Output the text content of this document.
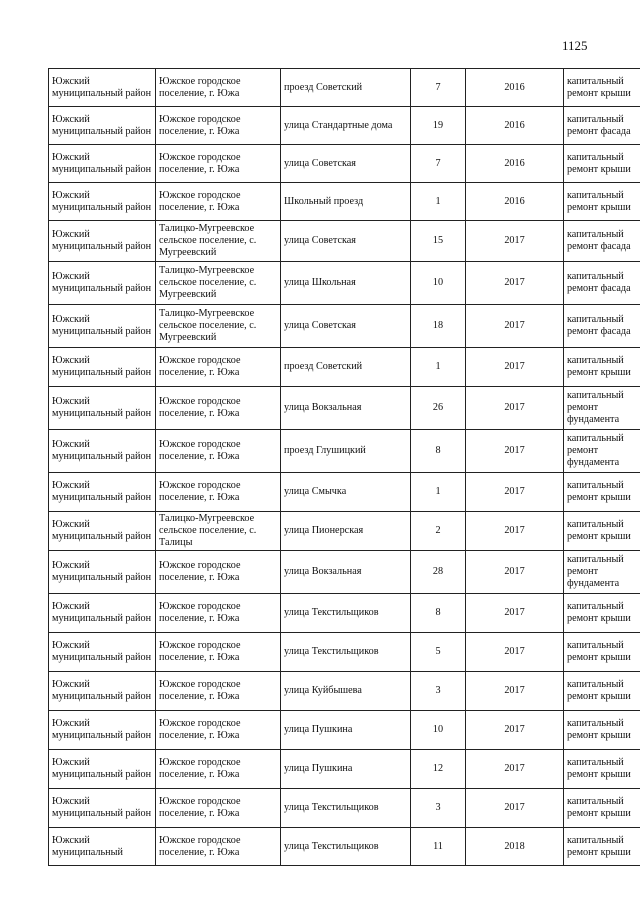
1125
Южский муниципальный район	Южское городское поселение, г. Южа	проезд Советский	7	2016	капитальный ремонт крыши
Южский муниципальный район	Южское городское поселение, г. Южа	улица Стандартные дома	19	2016	капитальный ремонт фасада
Южский муниципальный район	Южское городское поселение, г. Южа	улица Советская	7	2016	капитальный ремонт крыши
Южский муниципальный район	Южское городское поселение, г. Южа	Школьный проезд	1	2016	капитальный ремонт крыши
Южский муниципальный район	Талицко-Мугреевское сельское поселение, с. Мугреевский	улица Советская	15	2017	капитальный ремонт фасада
Южский муниципальный район	Талицко-Мугреевское сельское поселение, с. Мугреевский	улица Школьная	10	2017	капитальный ремонт фасада
Южский муниципальный район	Талицко-Мугреевское сельское поселение, с. Мугреевский	улица Советская	18	2017	капитальный ремонт фасада
Южский муниципальный район	Южское городское поселение, г. Южа	проезд Советский	1	2017	капитальный ремонт крыши
Южский муниципальный район	Южское городское поселение, г. Южа	улица Вокзальная	26	2017	капитальный ремонт фундамента
Южский муниципальный район	Южское городское поселение, г. Южа	проезд Глушицкий	8	2017	капитальный ремонт фундамента
Южский муниципальный район	Южское городское поселение, г. Южа	улица Смычка	1	2017	капитальный ремонт крыши
Южский муниципальный район	Талицко-Мугреевское сельское поселение, с. Талицы	улица Пионерская	2	2017	капитальный ремонт крыши
Южский муниципальный район	Южское городское поселение, г. Южа	улица Вокзальная	28	2017	капитальный ремонт фундамента
Южский муниципальный район	Южское городское поселение, г. Южа	улица Текстильщиков	8	2017	капитальный ремонт крыши
Южский муниципальный район	Южское городское поселение, г. Южа	улица Текстильщиков	5	2017	капитальный ремонт крыши
Южский муниципальный район	Южское городское поселение, г. Южа	улица Куйбышева	3	2017	капитальный ремонт крыши
Южский муниципальный район	Южское городское поселение, г. Южа	улица Пушкина	10	2017	капитальный ремонт крыши
Южский муниципальный район	Южское городское поселение, г. Южа	улица Пушкина	12	2017	капитальный ремонт крыши
Южский муниципальный район	Южское городское поселение, г. Южа	улица Текстильщиков	3	2017	капитальный ремонт крыши
Южский муниципальный	Южское городское поселение, г. Южа	улица Текстильщиков	11	2018	капитальный ремонт крыши
